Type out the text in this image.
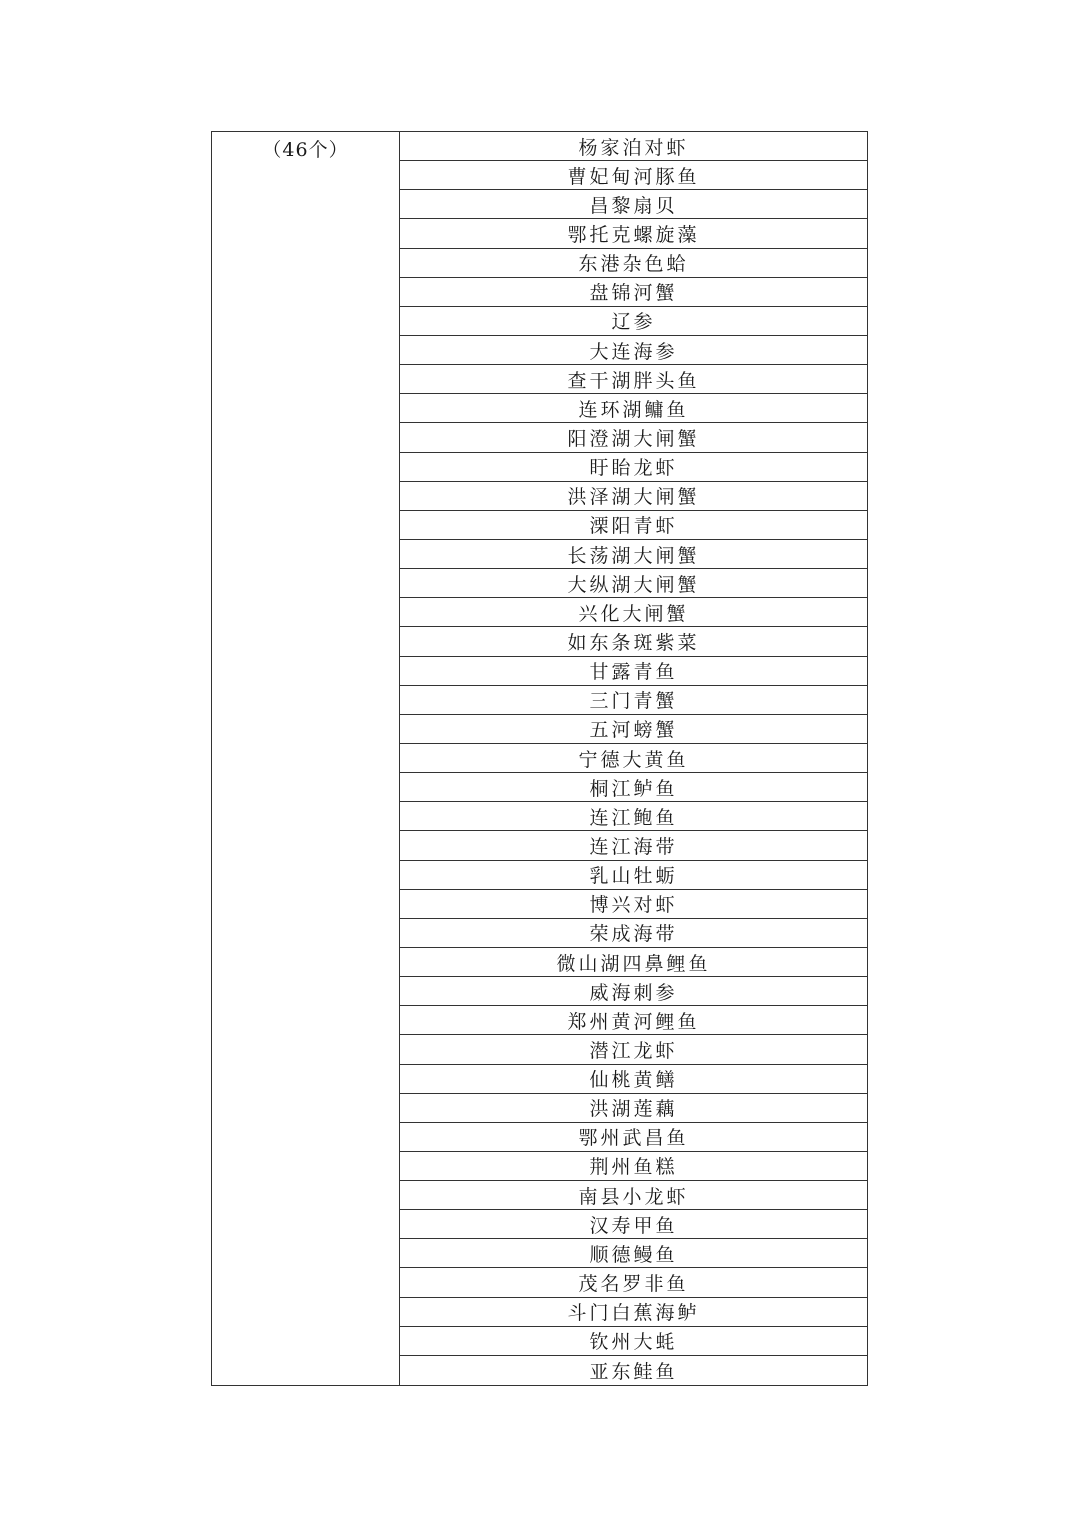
（46个）	杨家泊对虾
曹妃甸河豚鱼
昌黎扇贝
鄂托克螺旋藻
东港杂色蛤
盘锦河蟹
辽参
大连海参
查干湖胖头鱼
连环湖鳙鱼
阳澄湖大闸蟹
盱眙龙虾
洪泽湖大闸蟹
溧阳青虾
长荡湖大闸蟹
大纵湖大闸蟹
兴化大闸蟹
如东条斑紫菜
甘露青鱼
三门青蟹
五河螃蟹
宁德大黄鱼
桐江鲈鱼
连江鲍鱼
连江海带
乳山牡蛎
博兴对虾
荣成海带
微山湖四鼻鲤鱼
威海刺参
郑州黄河鲤鱼
潜江龙虾
仙桃黄鳝
洪湖莲藕
鄂州武昌鱼
荆州鱼糕
南县小龙虾
汉寿甲鱼
顺德鳗鱼
茂名罗非鱼
斗门白蕉海鲈
钦州大蚝
亚东鲑鱼
